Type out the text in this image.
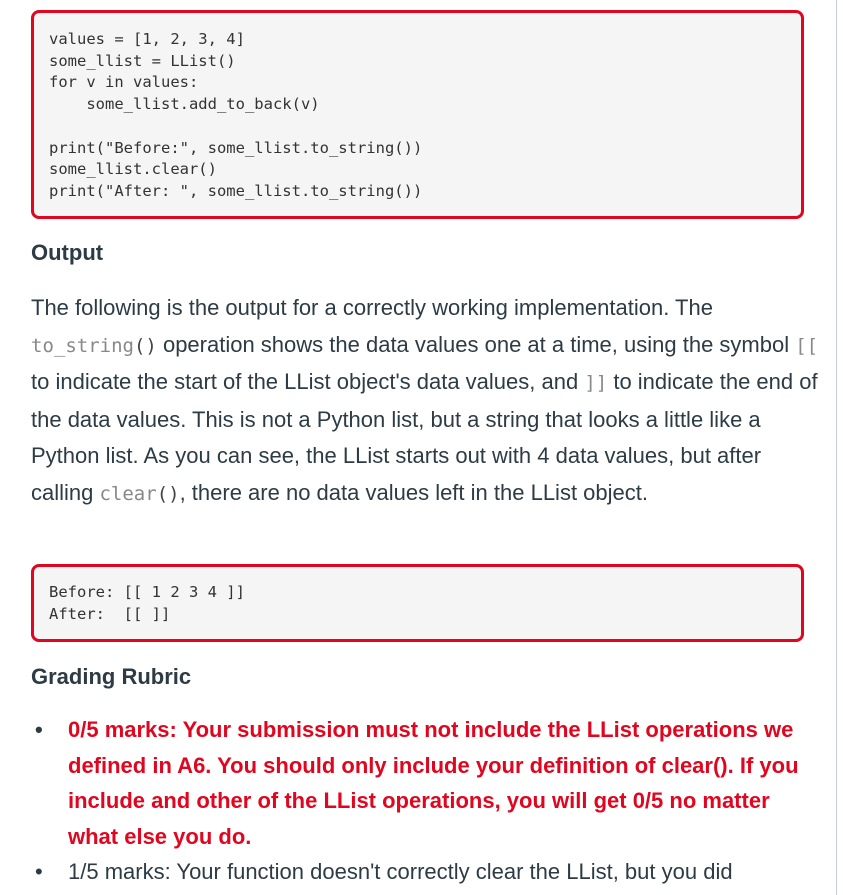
values = [1, 2, 3, 4]
some_llist = LList()
for v in values:
some_llist.add_to_back(v)

print("Before:", some_llist.to_string())
some_llist.clear()
print("After: ", some_llist.to_string())
Output

The following is the output for a correctly working implementation. The to_string() operation shows the data values one at a time, using the symbol [[ to indicate the start of the LList object's data values, and ]] to indicate the end of the data values. This is not a Python list, but a string that looks a little like a Python list. As you can see, the LList starts out with 4 data values, but after calling clear(), there are no data values left in the LList object.

Before: [[ 1 2 3 4 ]]
After:  [[ ]]
Grading Rubric
• 0/5 marks: Your submission must not include the LList operations we defined in A6. You should only include your definition of clear(). If you include and other of the LList operations, you will get 0/5 no matter what else you do.
• 1/5 marks: Your function doesn't correctly clear the LList, but you did
